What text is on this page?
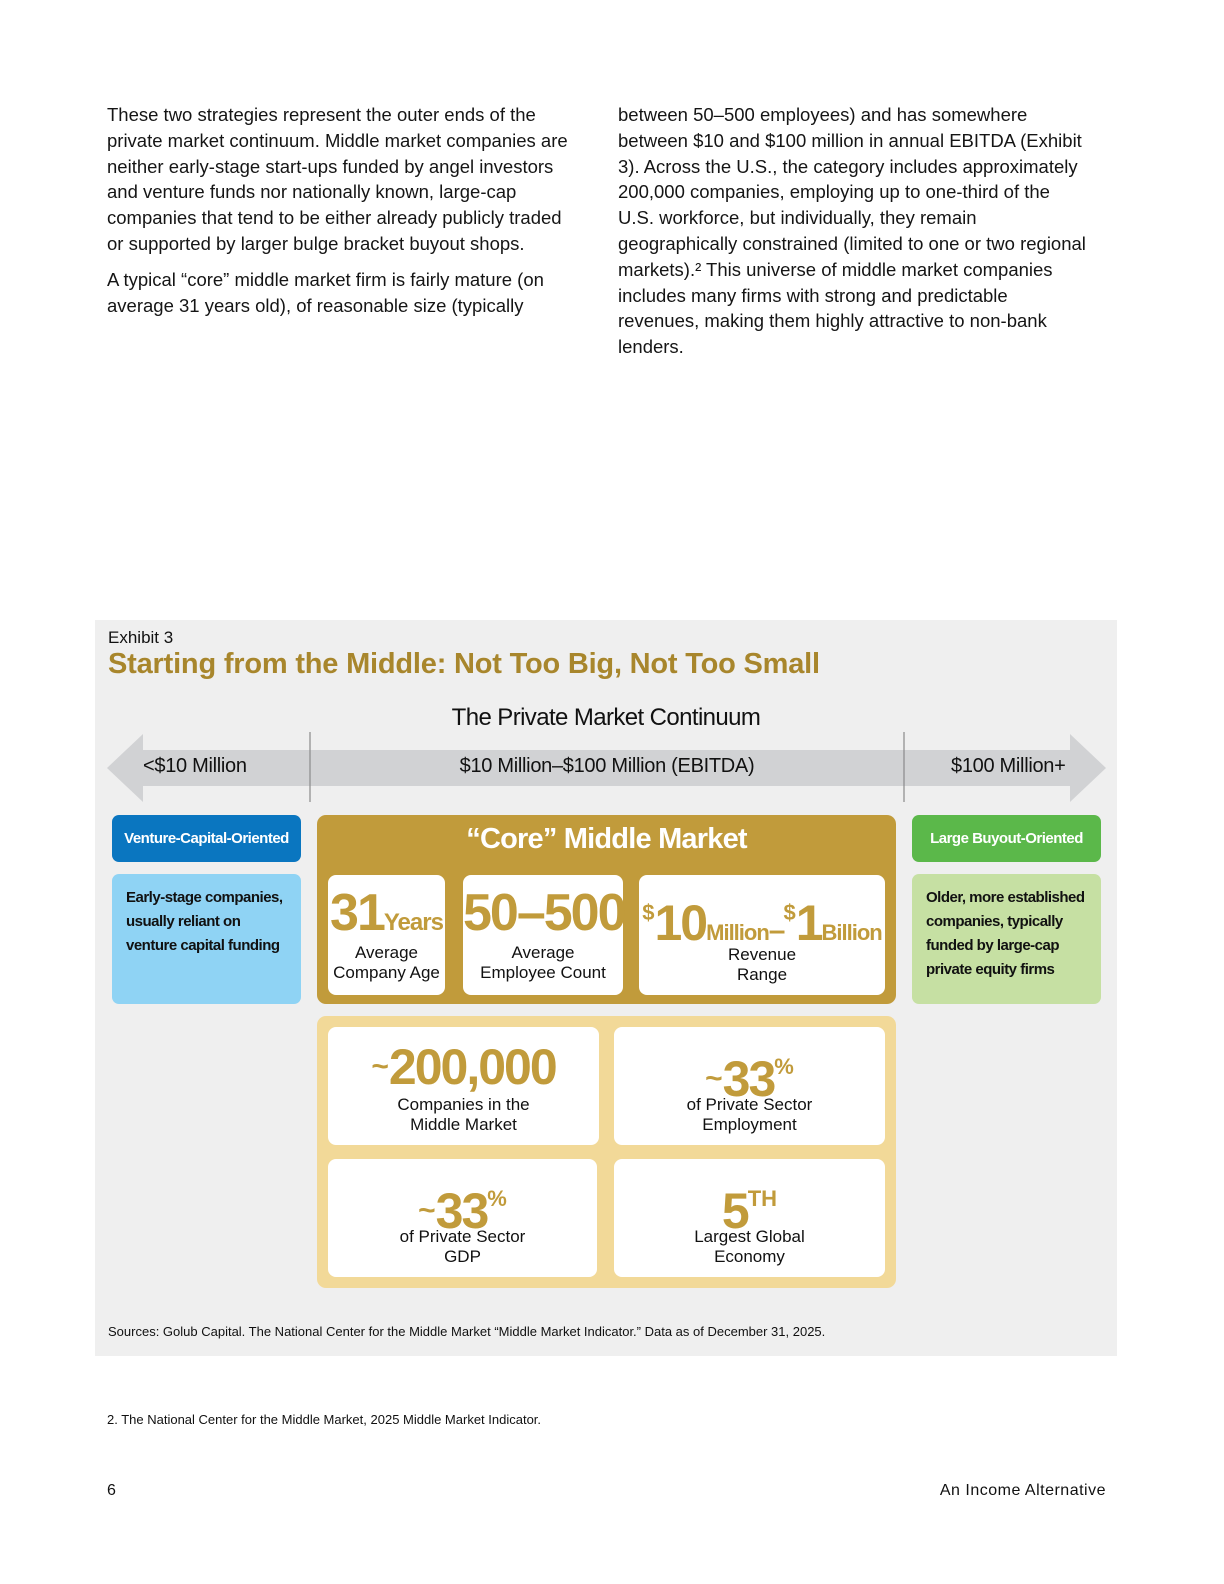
These two strategies represent the outer ends of the private market continuum. Middle market companies are neither early-stage start-ups funded by angel investors and venture funds nor nationally known, large-cap companies that tend to be either already publicly traded or supported by larger bulge bracket buyout shops.

A typical “core” middle market firm is fairly mature (on average 31 years old), of reasonable size (typically

between 50–500 employees) and has somewhere between $10 and $100 million in annual EBITDA (Exhibit 3). Across the U.S., the category includes approximately 200,000 companies, employing up to one-third of the U.S. workforce, but individually, they remain geographically constrained (limited to one or two regional markets).² This universe of middle market companies includes many firms with strong and predictable revenues, making them highly attractive to non-bank lenders.

Exhibit 3
Starting from the Middle: Not Too Big, Not Too Small
The Private Market Continuum
<$10 Million	$10 Million–$100 Million (EBITDA)	$100 Million+
Venture-Capital-Oriented
Early-stage companies,
usually reliant on
venture capital funding
Large Buyout-Oriented
Older, more established
companies, typically
funded by large-cap
private equity firms
“Core” Middle Market
31Years
Average
Company Age
50–500
Average
Employee Count
$10Million–$1Billion
Revenue
Range
~200,000
Companies in the
Middle Market
~33%
of Private Sector
Employment
~33%
of Private Sector
GDP
5TH
Largest Global
Economy
Sources: Golub Capital. The National Center for the Middle Market “Middle Market Indicator.” Data as of December 31, 2025.
2. The National Center for the Middle Market, 2025 Middle Market Indicator.
6	An Income Alternative
